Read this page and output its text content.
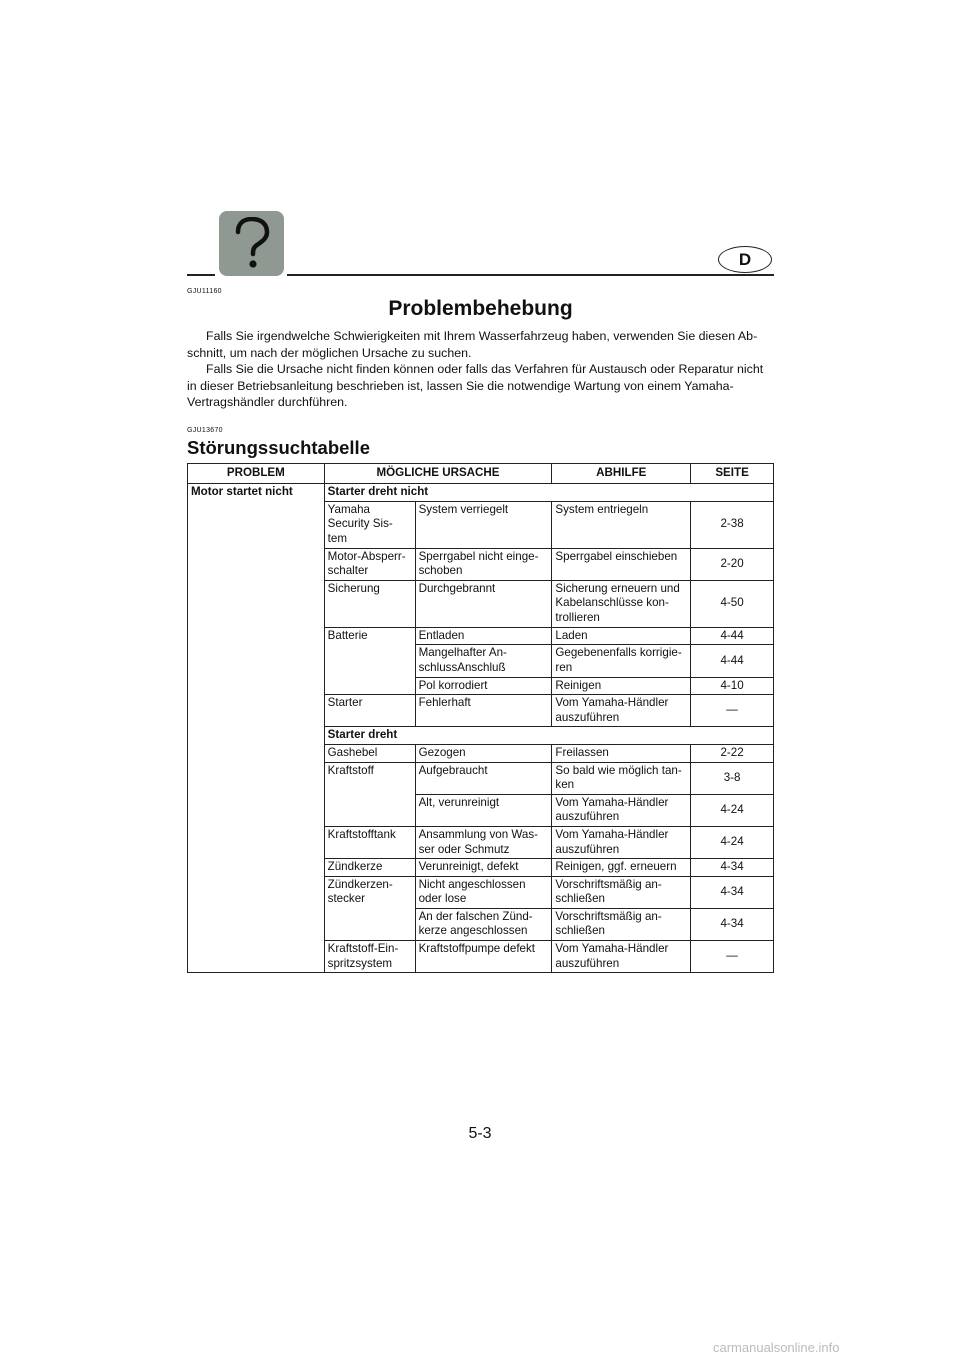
D
GJU11160
Problembehebung

Falls Sie irgendwelche Schwierigkeiten mit Ihrem Wasserfahrzeug haben, verwenden Sie diesen Ab-schnitt, um nach der möglichen Ursache zu suchen.

Falls Sie die Ursache nicht finden können oder falls das Verfahren für Austausch oder Reparatur nicht in dieser Betriebsanleitung beschrieben ist, lassen Sie die notwendige Wartung von einem Yamaha-Vertragshändler durchführen.

GJU13670
Störungssuchtabelle
PROBLEM	MÖGLICHE URSACHE		ABHILFE	SEITE
Motor startet nicht	Starter dreht nicht			
	Yamaha Security Sis-tem	System verriegelt	System entriegeln	2-38
	Motor-Absperr-schalter	Sperrgabel nicht einge-schoben	Sperrgabel einschieben	2-20
	Sicherung	Durchgebrannt	Sicherung erneuern und Kabelanschlüsse kon-trollieren	4-50
	Batterie	Entladen	Laden	4-44
		Mangelhafter An-schlussAnschluß	Gegebenenfalls korrigie-ren	4-44
		Pol korrodiert	Reinigen	4-10
	Starter	Fehlerhaft	Vom Yamaha-Händler auszuführen	—
	Starter dreht			
	Gashebel	Gezogen	Freilassen	2-22
	Kraftstoff	Aufgebraucht	So bald wie möglich tan-ken	3-8
		Alt, verunreinigt	Vom Yamaha-Händler auszuführen	4-24
	Kraftstofftank	Ansammlung von Was-ser oder Schmutz	Vom Yamaha-Händler auszuführen	4-24
	Zündkerze	Verunreinigt, defekt	Reinigen, ggf. erneuern	4-34
	Zündkerzen-stecker	Nicht angeschlossen oder lose	Vorschriftsmäßig an-schließen	4-34
		An der falschen Zünd-kerze angeschlossen	Vorschriftsmäßig an-schließen	4-34
	Kraftstoff-Ein-spritzsystem	Kraftstoffpumpe defekt	Vom Yamaha-Händler auszuführen	—
5-3
carmanualsonline.info
